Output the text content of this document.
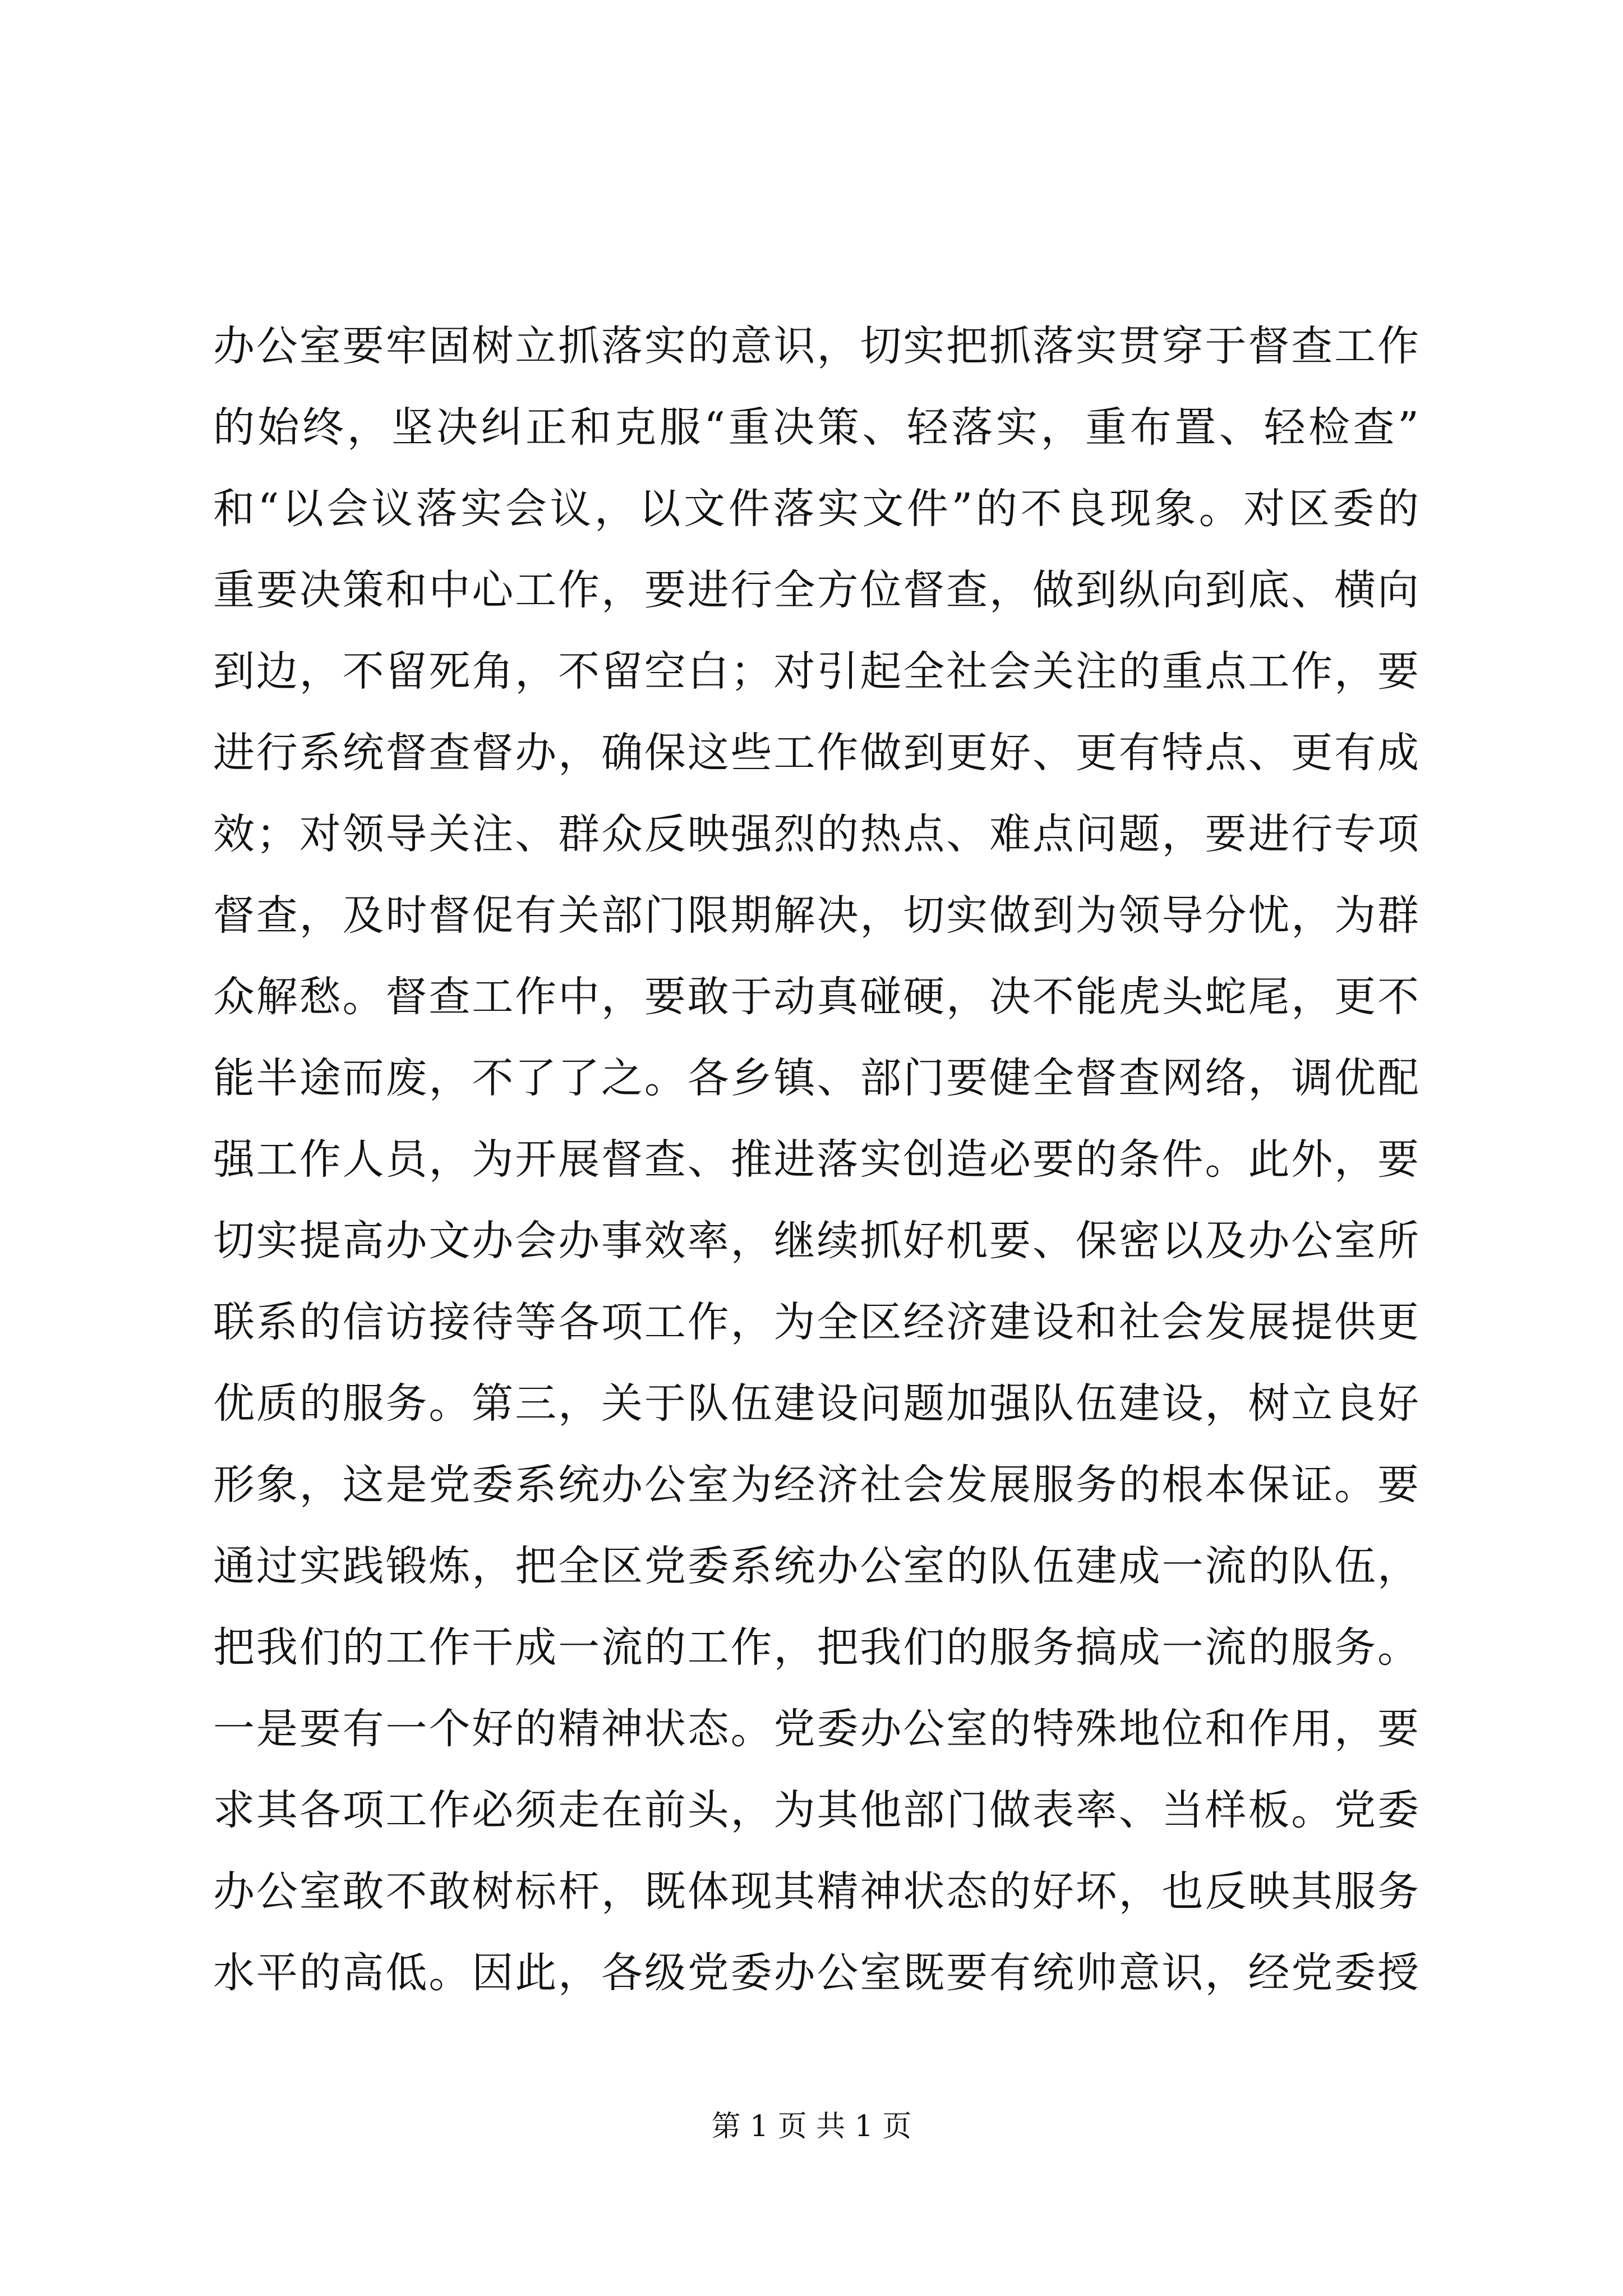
办公室要牢固树立抓落实的意识，切实把抓落实贯穿于督查工作
的始终，坚决纠正和克服“重决策、轻落实，重布置、轻检查”
和“以会议落实会议，以文件落实文件”的不良现象。对区委的
重要决策和中心工作，要进行全方位督查，做到纵向到底、横向
到边，不留死角，不留空白；对引起全社会关注的重点工作，要
进行系统督查督办，确保这些工作做到更好、更有特点、更有成
效；对领导关注、群众反映强烈的热点、难点问题，要进行专项
督查，及时督促有关部门限期解决，切实做到为领导分忧，为群
众解愁。督查工作中，要敢于动真碰硬，决不能虎头蛇尾，更不
能半途而废，不了了之。各乡镇、部门要健全督查网络，调优配
强工作人员，为开展督查、推进落实创造必要的条件。此外，要
切实提高办文办会办事效率，继续抓好机要、保密以及办公室所
联系的信访接待等各项工作，为全区经济建设和社会发展提供更
优质的服务。第三，关于队伍建设问题加强队伍建设，树立良好
形象，这是党委系统办公室为经济社会发展服务的根本保证。要
通过实践锻炼，把全区党委系统办公室的队伍建成一流的队伍，
把我们的工作干成一流的工作，把我们的服务搞成一流的服务。
一是要有一个好的精神状态。党委办公室的特殊地位和作用，要
求其各项工作必须走在前头，为其他部门做表率、当样板。党委
办公室敢不敢树标杆，既体现其精神状态的好坏，也反映其服务
水平的高低。因此，各级党委办公室既要有统帅意识，经党委授
第 1 页 共 1 页
